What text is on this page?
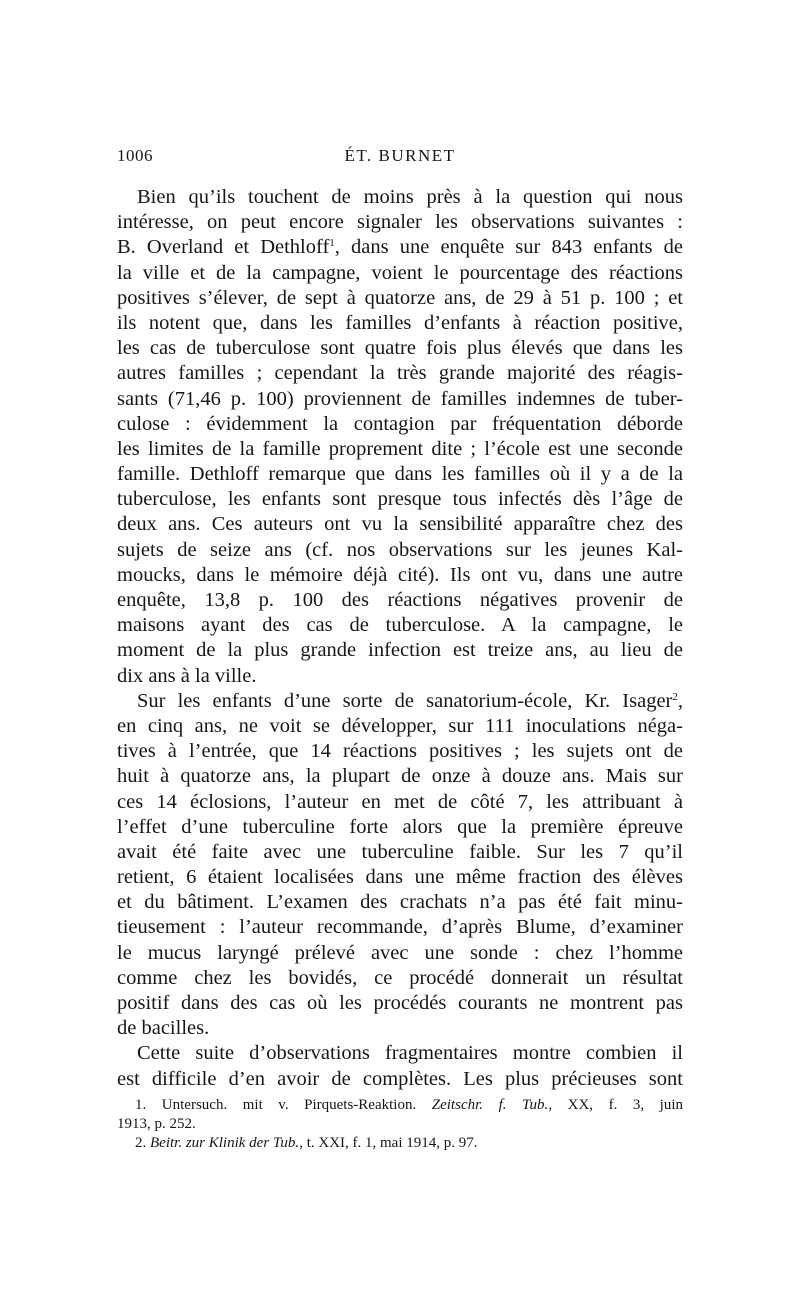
1006	ÉT. BURNET
Bien qu’ils touchent de moins près à la question qui nous
intéresse, on peut encore signaler les observations suivantes :
B. Overland et Dethloff$^1$, dans une enquête sur 843 enfants de
la ville et de la campagne, voient le pourcentage des réactions
positives s’élever, de sept à quatorze ans, de 29 à 51 p. 100 ; et
ils notent que, dans les familles d’enfants à réaction positive,
les cas de tuberculose sont quatre fois plus élevés que dans les
autres familles ; cependant la très grande majorité des réagis-
sants (71,46 p. 100) proviennent de familles indemnes de tuber-
culose : évidemment la contagion par fréquentation déborde
les limites de la famille proprement dite ; l’école est une seconde
famille. Dethloff remarque que dans les familles où il y a de la
tuberculose, les enfants sont presque tous infectés dès l’âge de
deux ans. Ces auteurs ont vu la sensibilité apparaître chez des
sujets de seize ans (cf. nos observations sur les jeunes Kal-
moucks, dans le mémoire déjà cité). Ils ont vu, dans une autre
enquête, 13,8 p. 100 des réactions négatives provenir de
maisons ayant des cas de tuberculose. A la campagne, le
moment de la plus grande infection est treize ans, au lieu de
dix ans à la ville.
Sur les enfants d’une sorte de sanatorium-école, Kr. Isager$^2$,
en cinq ans, ne voit se développer, sur 111 inoculations néga-
tives à l’entrée, que 14 réactions positives ; les sujets ont de
huit à quatorze ans, la plupart de onze à douze ans. Mais sur
ces 14 éclosions, l’auteur en met de côté 7, les attribuant à
l’effet d’une tuberculine forte alors que la première épreuve
avait été faite avec une tuberculine faible. Sur les 7 qu’il
retient, 6 étaient localisées dans une même fraction des élèves
et du bâtiment. L’examen des crachats n’a pas été fait minu-
tieusement : l’auteur recommande, d’après Blume, d’examiner
le mucus laryngé prélevé avec une sonde : chez l’homme
comme chez les bovidés, ce procédé donnerait un résultat
positif dans des cas où les procédés courants ne montrent pas
de bacilles.
Cette suite d’observations fragmentaires montre combien il
est difficile d’en avoir de complètes. Les plus précieuses sont
1. Untersuch. mit v. Pirquets-Reaktion. Zeitschr. f. Tub., XX, f. 3, juin
1913, p. 252.
2. Beitr. zur Klinik der Tub., t. XXI, f. 1, mai 1914, p. 97.
